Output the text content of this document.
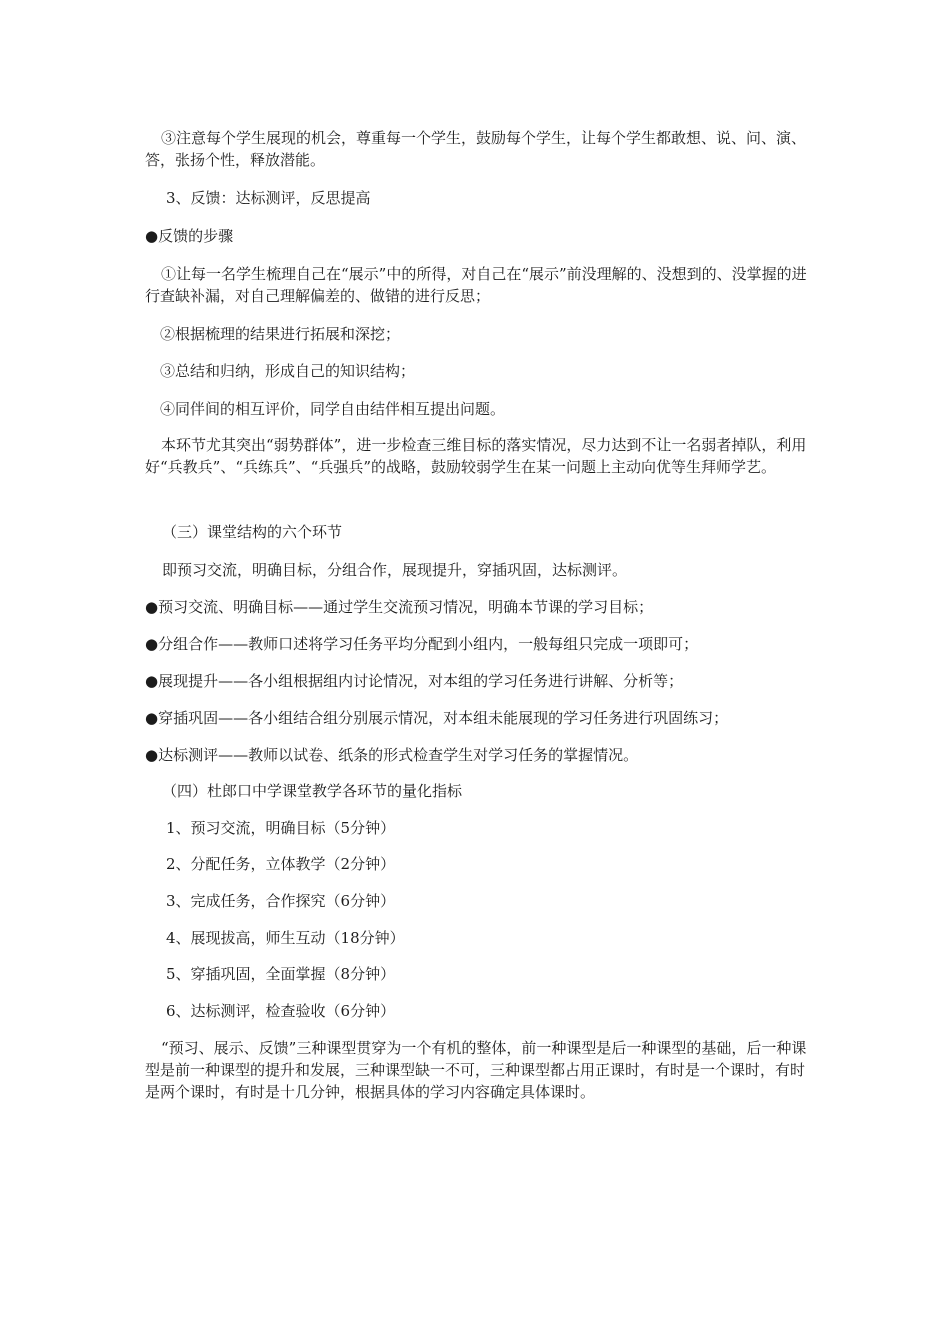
③注意每个学生展现的机会，尊重每一个学生，鼓励每个学生，让每个学生都敢想、说、问、演、答，张扬个性，释放潜能。
3、反馈：达标测评，反思提高
●反馈的步骤
①让每一名学生梳理自己在“展示”中的所得，对自己在“展示”前没理解的、没想到的、没掌握的进行查缺补漏，对自己理解偏差的、做错的进行反思；
②根据梳理的结果进行拓展和深挖；
③总结和归纳，形成自己的知识结构；
④同伴间的相互评价，同学自由结伴相互提出问题。
本环节尤其突出“弱势群体”，进一步检查三维目标的落实情况，尽力达到不让一名弱者掉队，利用好“兵教兵”、“兵练兵”、“兵强兵”的战略，鼓励较弱学生在某一问题上主动向优等生拜师学艺。
（三）课堂结构的六个环节
即预习交流，明确目标，分组合作，展现提升，穿插巩固，达标测评。
●预习交流、明确目标——通过学生交流预习情况，明确本节课的学习目标；
●分组合作——教师口述将学习任务平均分配到小组内，一般每组只完成一项即可；
●展现提升——各小组根据组内讨论情况，对本组的学习任务进行讲解、分析等；
●穿插巩固——各小组结合组分别展示情况，对本组未能展现的学习任务进行巩固练习；
●达标测评——教师以试卷、纸条的形式检查学生对学习任务的掌握情况。
（四）杜郎口中学课堂教学各环节的量化指标
1、预习交流，明确目标（5分钟）
2、分配任务，立体教学（2分钟）
3、完成任务，合作探究（6分钟）
4、展现拔高，师生互动（18分钟）
5、穿插巩固，全面掌握（8分钟）
6、达标测评，检查验收（6分钟）
“预习、展示、反馈”三种课型贯穿为一个有机的整体，前一种课型是后一种课型的基础，后一种课型是前一种课型的提升和发展，三种课型缺一不可，三种课型都占用正课时，有时是一个课时，有时是两个课时，有时是十几分钟，根据具体的学习内容确定具体课时。
